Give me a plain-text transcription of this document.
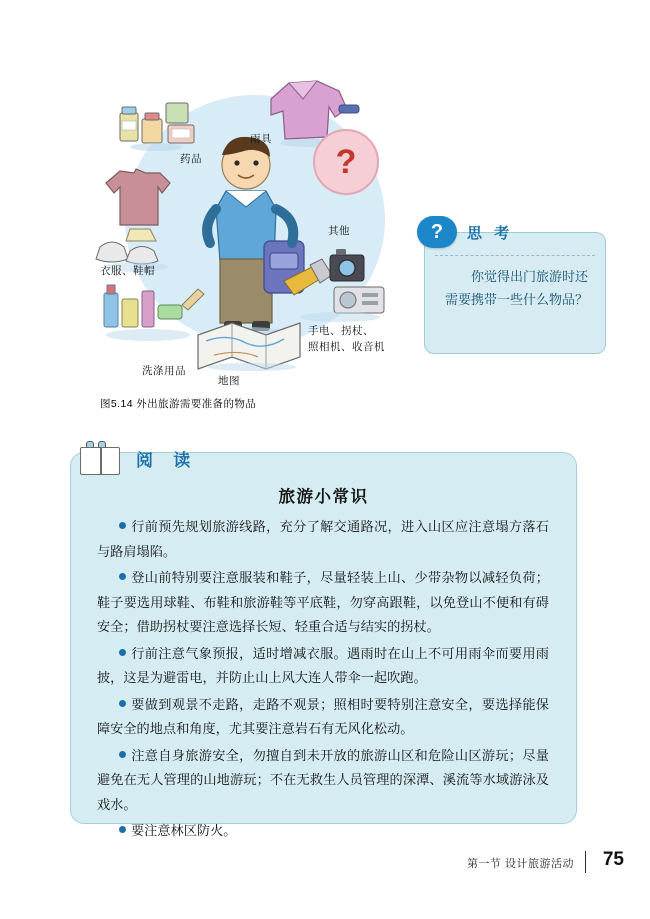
?
雨具
药品
衣服、鞋帽
洗涤用品
其他
手电、拐杖、
照相机、收音机
地图
图5.14 外出旅游需要准备的物品
?	思 考
你觉得出门旅游时还需要携带一些什么物品？
旅游小常识
行前预先规划旅游线路，充分了解交通路况，进入山区应注意塌方落石与路肩塌陷。
登山前特别要注意服装和鞋子，尽量轻装上山、少带杂物以减轻负荷；鞋子要选用球鞋、布鞋和旅游鞋等平底鞋，勿穿高跟鞋，以免登山不便和有碍安全；借助拐杖要注意选择长短、轻重合适与结实的拐杖。
行前注意气象预报，适时增减衣服。遇雨时在山上不可用雨伞而要用雨披，这是为避雷电，并防止山上风大连人带伞一起吹跑。
要做到观景不走路，走路不观景；照相时要特别注意安全，要选择能保障安全的地点和角度，尤其要注意岩石有无风化松动。
注意自身旅游安全，勿擅自到未开放的旅游山区和危险山区游玩；尽量避免在无人管理的山地游玩；不在无救生人员管理的深潭、溪流等水域游泳及戏水。
要注意林区防火。
阅 读
第一节 设计旅游活动 75
